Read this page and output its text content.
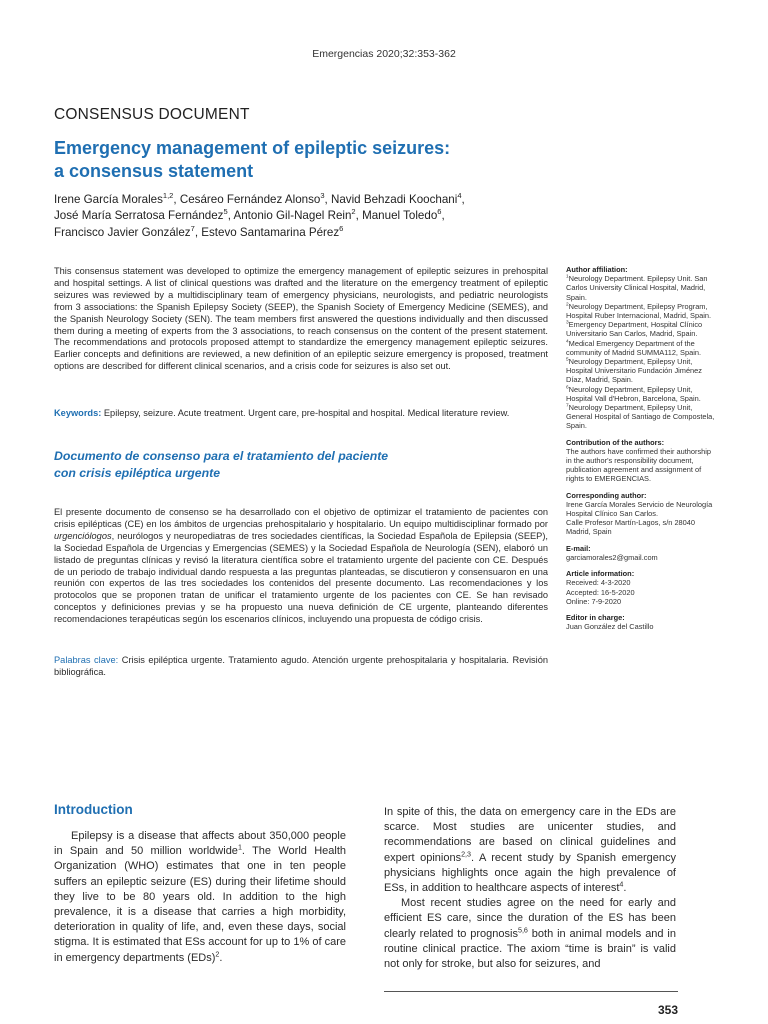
Emergencias 2020;32:353-362
CONSENSUS DOCUMENT
Emergency management of epileptic seizures:
a consensus statement
Irene García Morales$^{1,2}$, Cesáreo Fernández Alonso$^3$, Navid Behzadi Koochani$^4$,
José María Serratosa Fernández$^5$, Antonio Gil-Nagel Rein$^2$, Manuel Toledo$^6$,
Francisco Javier González$^7$, Estevo Santamarina Pérez$^6$
This consensus statement was developed to optimize the emergency management of epileptic seizures in prehospital and hospital settings. A list of clinical questions was drafted and the literature on the emergency treatment of epileptic seizures was reviewed by a multidisciplinary team of emergency physicians, neurologists, and pediatric neurologists from 3 associations: the Spanish Epilepsy Society (SEEP), the Spanish Society of Emergency Medicine (SEMES), and the Spanish Neurology Society (SEN). The team members first answered the questions individually and then discussed them during a meeting of experts from the 3 associations, to reach consensus on the content of the present statement. The recommendations and protocols proposed attempt to standardize the emergency management epileptic seizures. Earlier concepts and definitions are reviewed, a new definition of an epileptic seizure emergency is proposed, treatment options are described for different clinical scenarios, and a crisis code for seizures is also set out.
Keywords: Epilepsy, seizure. Acute treatment. Urgent care, pre-hospital and hospital. Medical literature review.
Documento de consenso para el tratamiento del paciente
con crisis epiléptica urgente
El presente documento de consenso se ha desarrollado con el objetivo de optimizar el tratamiento de pacientes con crisis epilépticas (CE) en los ámbitos de urgencias prehospitalario y hospitalario. Un equipo multidisciplinar formado por urgenciólogos, neurólogos y neuropediatras de tres sociedades científicas, la Sociedad Española de Epilepsia (SEEP), la Sociedad Española de Urgencias y Emergencias (SEMES) y la Sociedad Española de Neurología (SEN), elaboró un listado de preguntas clínicas y revisó la literatura científica sobre el tratamiento urgente del paciente con CE. Después de un periodo de trabajo individual dando respuesta a las preguntas planteadas, se discutieron y consensuaron en una reunión con expertos de las tres sociedades los contenidos del presente documento. Las recomendaciones y los protocolos que se proponen tratan de unificar el tratamiento urgente de los pacientes con CE. Se han revisado conceptos y definiciones previas y se ha propuesto una nueva definición de CE urgente, planteando diferentes recomendaciones terapéuticas según los escenarios clínicos, incluyendo una propuesta de código crisis.
Palabras clave: Crisis epiléptica urgente. Tratamiento agudo. Atención urgente prehospitalaria y hospitalaria. Revisión bibliográfica.
Author affiliation:
$^1$Neurology Department. Epilepsy Unit. San Carlos University Clinical Hospital, Madrid, Spain.
$^2$Neurology Department, Epilepsy Program, Hospital Ruber Internacional, Madrid, Spain.
$^3$Emergency Department, Hospital Clínico Universitario San Carlos, Madrid, Spain.
$^4$Medical Emergency Department of the community of Madrid SUMMA112, Spain.
$^5$Neurology Department, Epilepsy Unit, Hospital Universitario Fundación Jiménez Díaz, Madrid, Spain.
$^6$Neurology Department, Epilepsy Unit, Hospital Vall d'Hebron, Barcelona, Spain.
$^7$Neurology Department, Epilepsy Unit, General Hospital of Santiago de Compostela, Spain.
Contribution of the authors:
The authors have confirmed their authorship in the author's responsibility document, publication agreement and assignment of rights to EMERGENCIAS.
Corresponding author:
Irene García Morales Servicio de Neurología Hospital Clínico San Carlos.
Calle Profesor Martín-Lagos, s/n 28040 Madrid, Spain
E-mail:
garciamorales2@gmail.com
Article information:
Received: 4-3-2020
Accepted: 16-5-2020
Online: 7-9-2020
Editor in charge:
Juan González del Castillo
Introduction

Epilepsy is a disease that affects about 350,000 people in Spain and 50 million worldwide$^1$. The World Health Organization (WHO) estimates that one in ten people suffers an epileptic seizure (ES) during their lifetime should they live to be 80 years old. In addition to the high prevalence, it is a disease that carries a high morbidity, deterioration in quality of life, and, even these days, social stigma. It is estimated that ESs account for up to 1% of care in emergency departments (EDs)$^2$.

In spite of this, the data on emergency care in the EDs are scarce. Most studies are unicenter studies, and recommendations are based on clinical guidelines and expert opinions$^{2,3}$. A recent study by Spanish emergency physicians highlights once again the high prevalence of ESs, in addition to healthcare aspects of interest$^4$.

Most recent studies agree on the need for early and efficient ES care, since the duration of the ES has been clearly related to prognosis$^{5,6}$ both in animal models and in routine clinical practice. The axiom “time is brain” is valid not only for stroke, but also for seizures, and

353
